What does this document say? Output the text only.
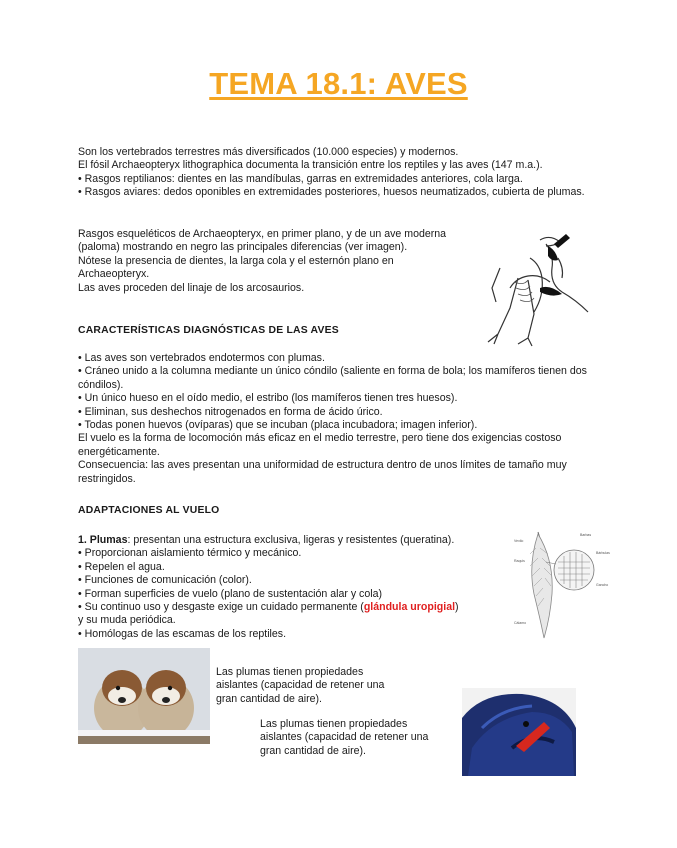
TEMA 18.1: AVES

Son los vertebrados terrestres más diversificados (10.000 especies) y modernos.

El fósil Archaeopteryx lithographica documenta la transición entre los reptiles y las aves (147 m.a.).

• Rasgos reptilianos: dientes en las mandíbulas, garras en extremidades anteriores, cola larga.

• Rasgos aviares: dedos oponibles en extremidades posteriores, huesos neumatizados, cubierta de plumas.

Rasgos esqueléticos de Archaeopteryx, en primer plano, y de un ave moderna (paloma) mostrando en negro las principales diferencias (ver imagen).

Nótese la presencia de dientes, la larga cola y el esternón plano en Archaeopteryx.

Las aves proceden del linaje de los arcosaurios.

CARACTERÍSTICAS DIAGNÓSTICAS DE LAS AVES

• Las aves son vertebrados endotermos con plumas.

• Cráneo unido a la columna mediante un único cóndilo (saliente en forma de bola; los mamíferos tienen dos cóndilos).

• Un único hueso en el oído medio, el estribo (los mamíferos tienen tres huesos).

• Eliminan, sus deshechos nitrogenados en forma de ácido úrico.

• Todas ponen huevos (ovíparas) que se incuban (placa incubadora; imagen inferior).

El vuelo es la forma de locomoción más eficaz en el medio terrestre, pero tiene dos exigencias costoso energéticamente.

Consecuencia: las aves presentan una uniformidad de estructura dentro de unos límites de tamaño muy restringidos.

ADAPTACIONES AL VUELO

1. Plumas: presentan una estructura exclusiva, ligeras y resistentes (queratina).

• Proporcionan aislamiento térmico y mecánico.

• Repelen el agua.

• Funciones de comunicación (color).

• Forman superficies de vuelo (plano de sustentación alar y cola)

• Su continuo uso y desgaste exige un cuidado permanente (glándula uropigial)

y su muda periódica.

• Homólogas de las escamas de los reptiles.

Barbas
Bárbulas
Raquis
Cálamo
Vexilo
Gancho
Las plumas tienen propiedades aislantes (capacidad de retener una gran cantidad de aire).
Las plumas tienen propiedades aislantes (capacidad de retener una gran cantidad de aire).
